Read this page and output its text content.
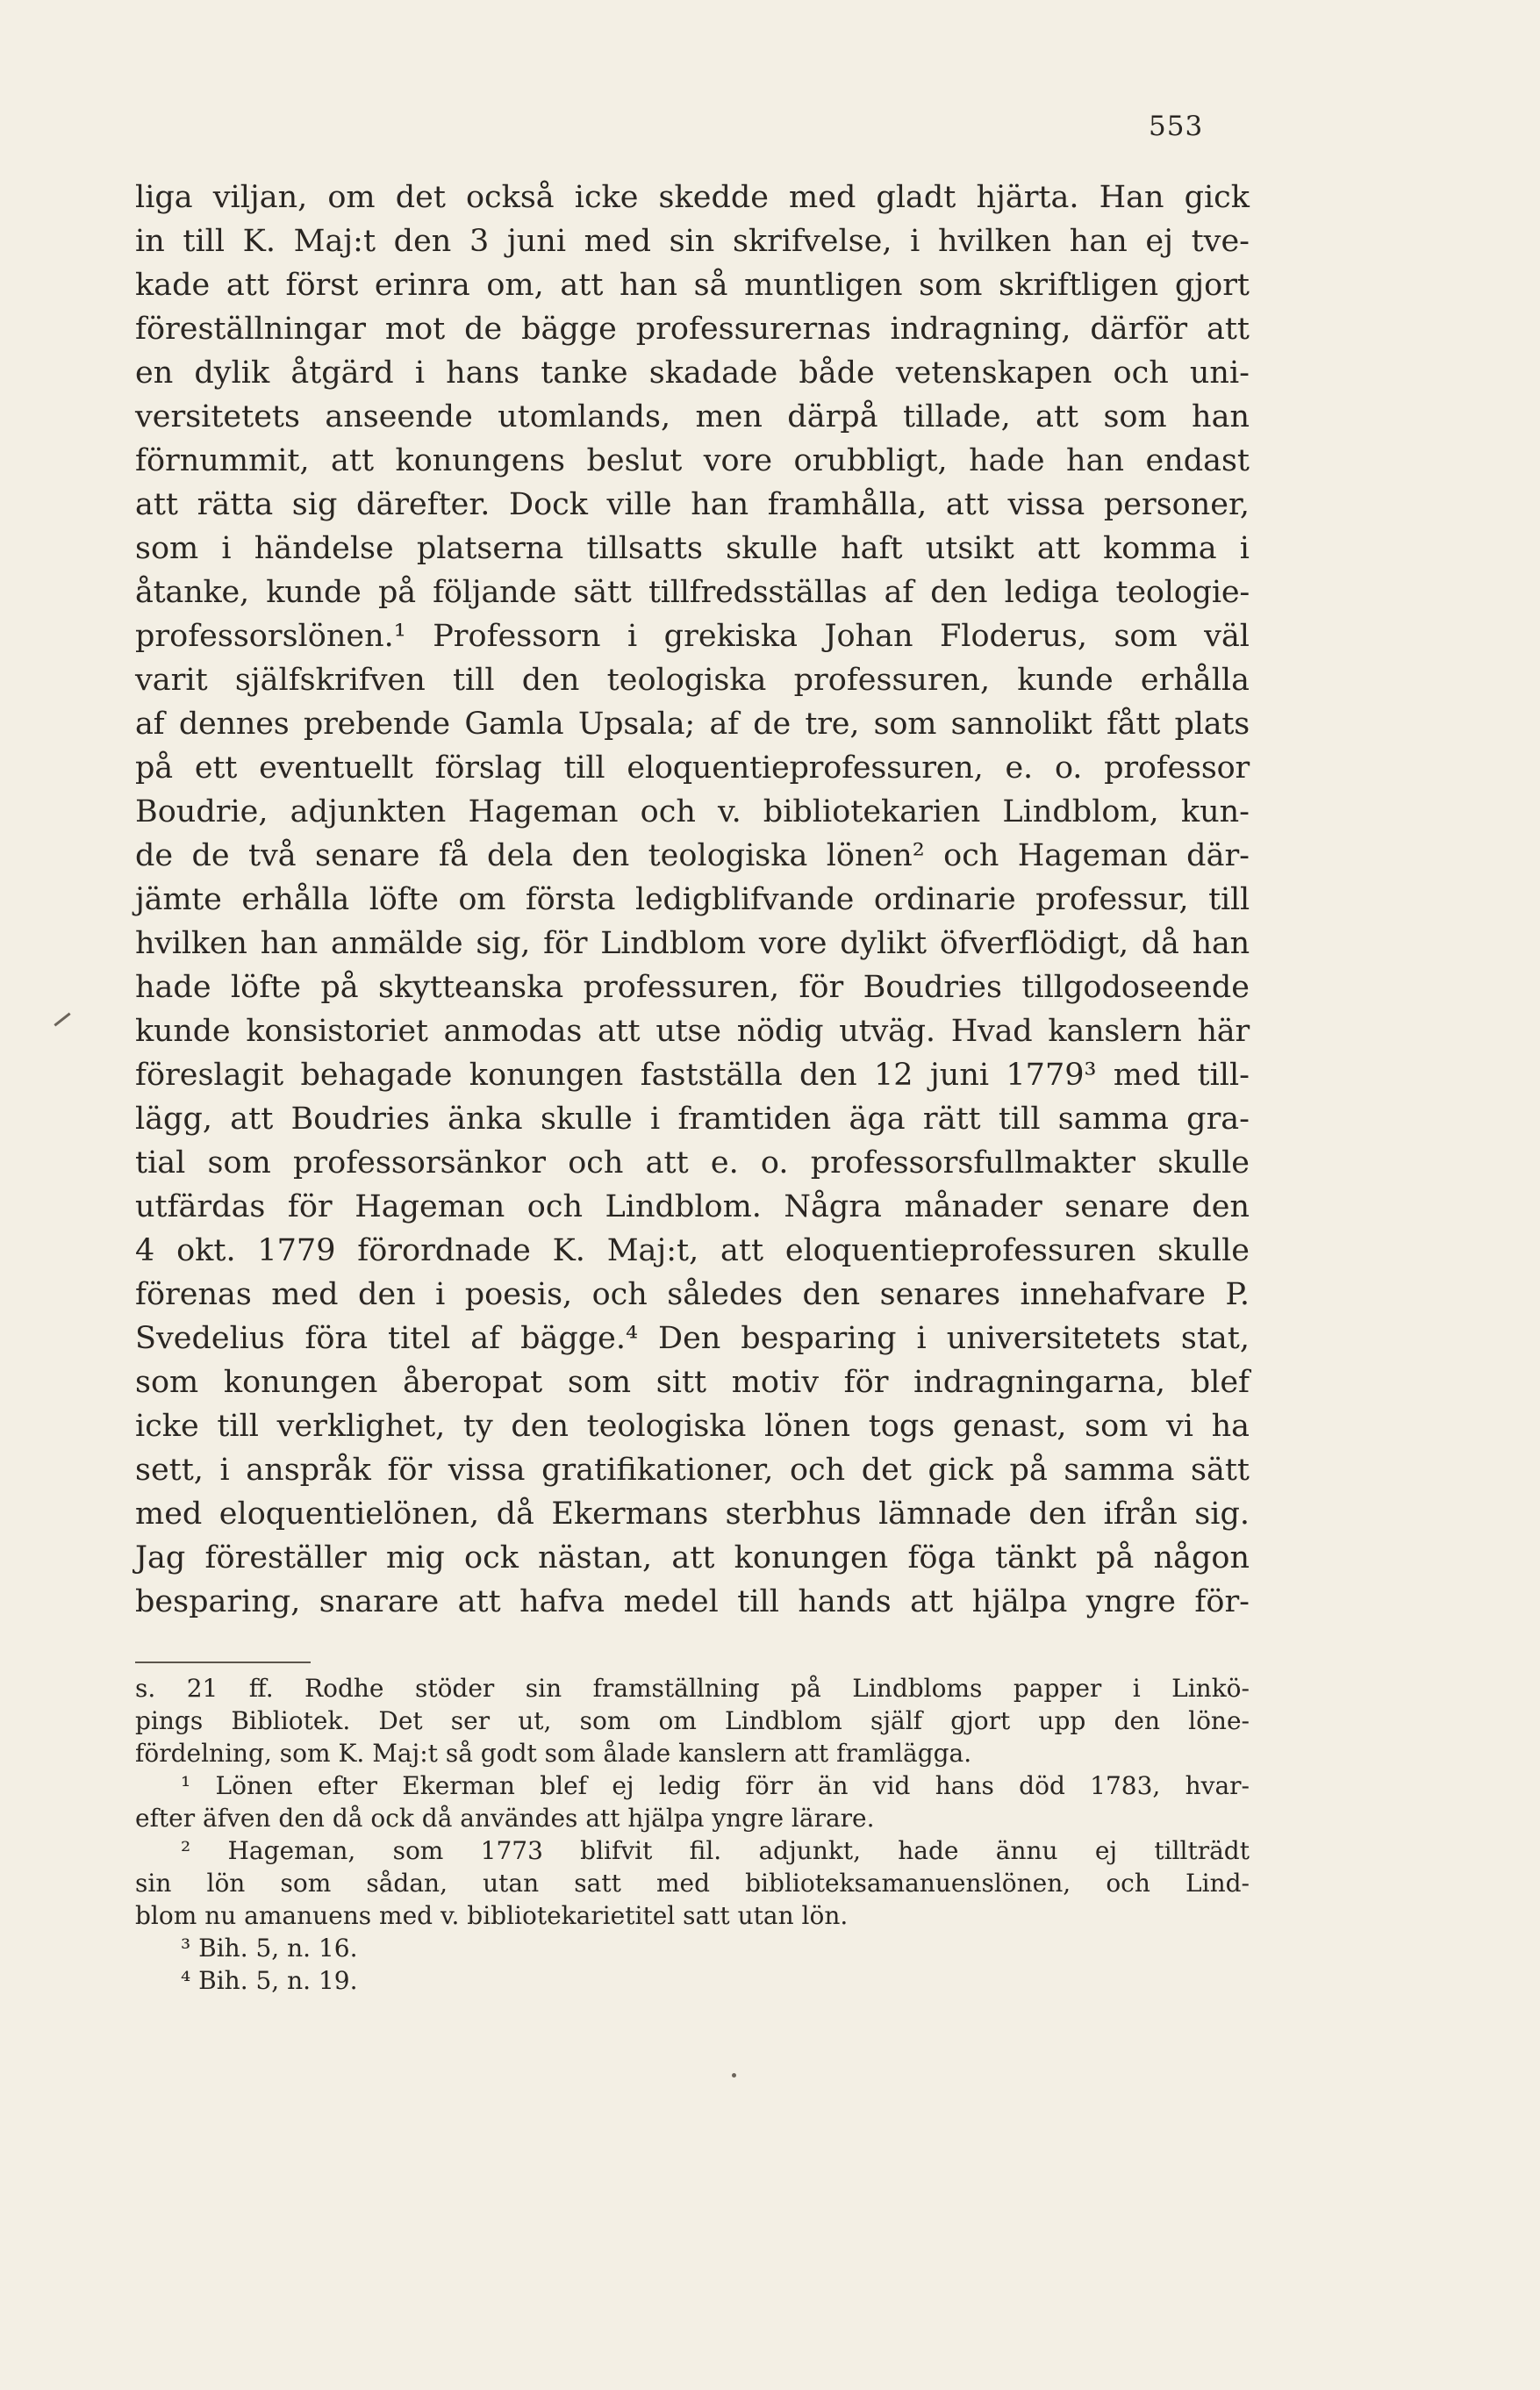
553
liga viljan, om det också icke skedde med gladt hjärta. Han gick
in till K. Maj:t den 3 juni med sin skrifvelse, i hvilken han ej tve-
kade att först erinra om, att han så muntligen som skriftligen gjort
föreställningar mot de bägge professurernas indragning, därför att
en dylik åtgärd i hans tanke skadade både vetenskapen och uni-
versitetets anseende utomlands, men därpå tillade, att som han
förnummit, att konungens beslut vore orubbligt, hade han endast
att rätta sig därefter. Dock ville han framhålla, att vissa personer,
som i händelse platserna tillsatts skulle haft utsikt att komma i
åtanke, kunde på följande sätt tillfredsställas af den lediga teologie-
professorslönen.¹ Professorn i grekiska Johan Floderus, som väl
varit själfskrifven till den teologiska professuren, kunde erhålla
af dennes prebende Gamla Upsala; af de tre, som sannolikt fått plats
på ett eventuellt förslag till eloquentieprofessuren, e. o. professor
Boudrie, adjunkten Hageman och v. bibliotekarien Lindblom, kun-
de de två senare få dela den teologiska lönen² och Hageman där-
jämte erhålla löfte om första ledigblifvande ordinarie professur, till
hvilken han anmälde sig, för Lindblom vore dylikt öfverflödigt, då han
hade löfte på skytteanska professuren, för Boudries tillgodoseende
kunde konsistoriet anmodas att utse nödig utväg. Hvad kanslern här
föreslagit behagade konungen fastställa den 12 juni 1779³ med till-
lägg, att Boudries änka skulle i framtiden äga rätt till samma gra-
tial som professorsänkor och att e. o. professorsfullmakter skulle
utfärdas för Hageman och Lindblom. Några månader senare den
4 okt. 1779 förordnade K. Maj:t, att eloquentieprofessuren skulle
förenas med den i poesis, och således den senares innehafvare P.
Svedelius föra titel af bägge.⁴ Den besparing i universitetets stat,
som konungen åberopat som sitt motiv för indragningarna, blef
icke till verklighet, ty den teologiska lönen togs genast, som vi ha
sett, i anspråk för vissa gratifikationer, och det gick på samma sätt
med eloquentielönen, då Ekermans sterbhus lämnade den ifrån sig.
Jag föreställer mig ock nästan, att konungen föga tänkt på någon
besparing, snarare att hafva medel till hands att hjälpa yngre för-
s. 21 ff. Rodhe stöder sin framställning på Lindbloms papper i Linkö-
pings Bibliotek. Det ser ut, som om Lindblom själf gjort upp den löne-
fördelning, som K. Maj:t så godt som ålade kanslern att framlägga.
¹ Lönen efter Ekerman blef ej ledig förr än vid hans död 1783, hvar-
efter äfven den då ock då användes att hjälpa yngre lärare.
² Hageman, som 1773 blifvit fil. adjunkt, hade ännu ej tillträdt
sin lön som sådan, utan satt med biblioteksamanuenslönen, och Lind-
blom nu amanuens med v. bibliotekarietitel satt utan lön.
³ Bih. 5, n. 16.
⁴ Bih. 5, n. 19.
